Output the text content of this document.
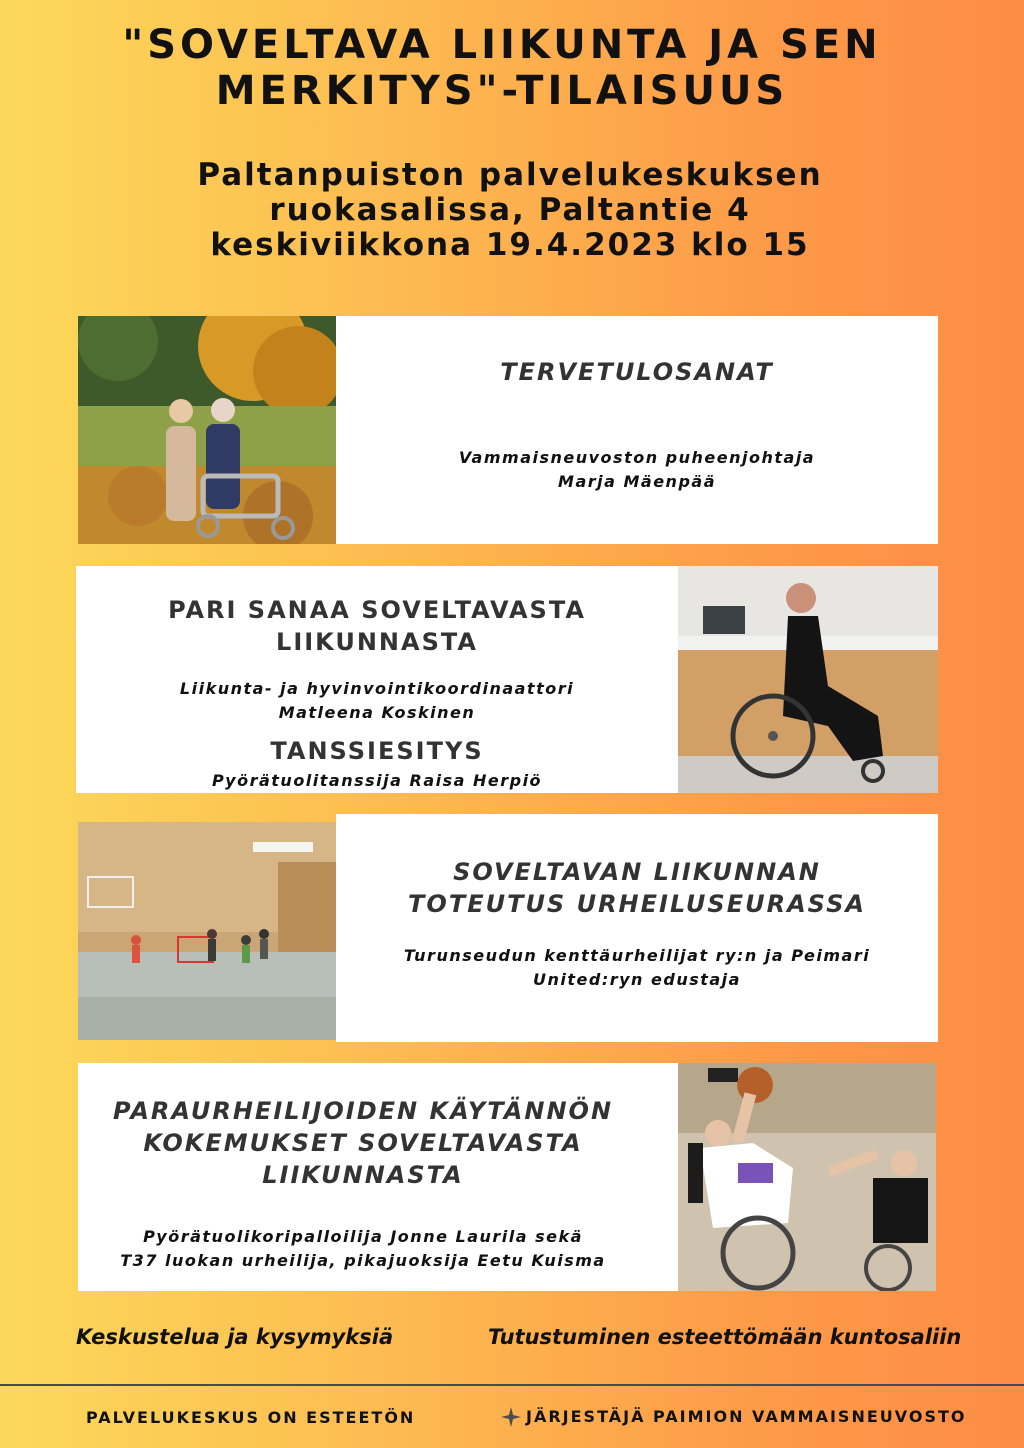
"SOVELTAVA LIIKUNTA JA SEN
MERKITYS"-TILAISUUS
Paltanpuiston palvelukeskuksen
ruokasalissa, Paltantie 4
keskiviikkona 19.4.2023 klo 15
TERVETULOSANAT
Vammaisneuvoston puheenjohtaja
Marja Mäenpää
PARI SANAA SOVELTAVASTA
LIIKUNNASTA
Liikunta- ja hyvinvointikoordinaattori
Matleena Koskinen
TANSSIESITYS
Pyörätuolitanssija Raisa Herpiö
SOVELTAVAN LIIKUNNAN
TOTEUTUS URHEILUSEURASSA
Turunseudun kenttäurheilijat ry:n ja Peimari
United:ryn edustaja
PARAURHEILIJOIDEN KÄYTÄNNÖN
KOKEMUKSET SOVELTAVASTA
LIIKUNNASTA
Pyörätuolikoripalloilija Jonne Laurila sekä
T37 luokan urheilija, pikajuoksija Eetu Kuisma
Keskustelua ja kysymyksiä	Tutustuminen esteettömään kuntosaliin
PALVELUKESKUS ON ESTEETÖN	JÄRJESTÄJÄ PAIMION VAMMAISNEUVOSTO
